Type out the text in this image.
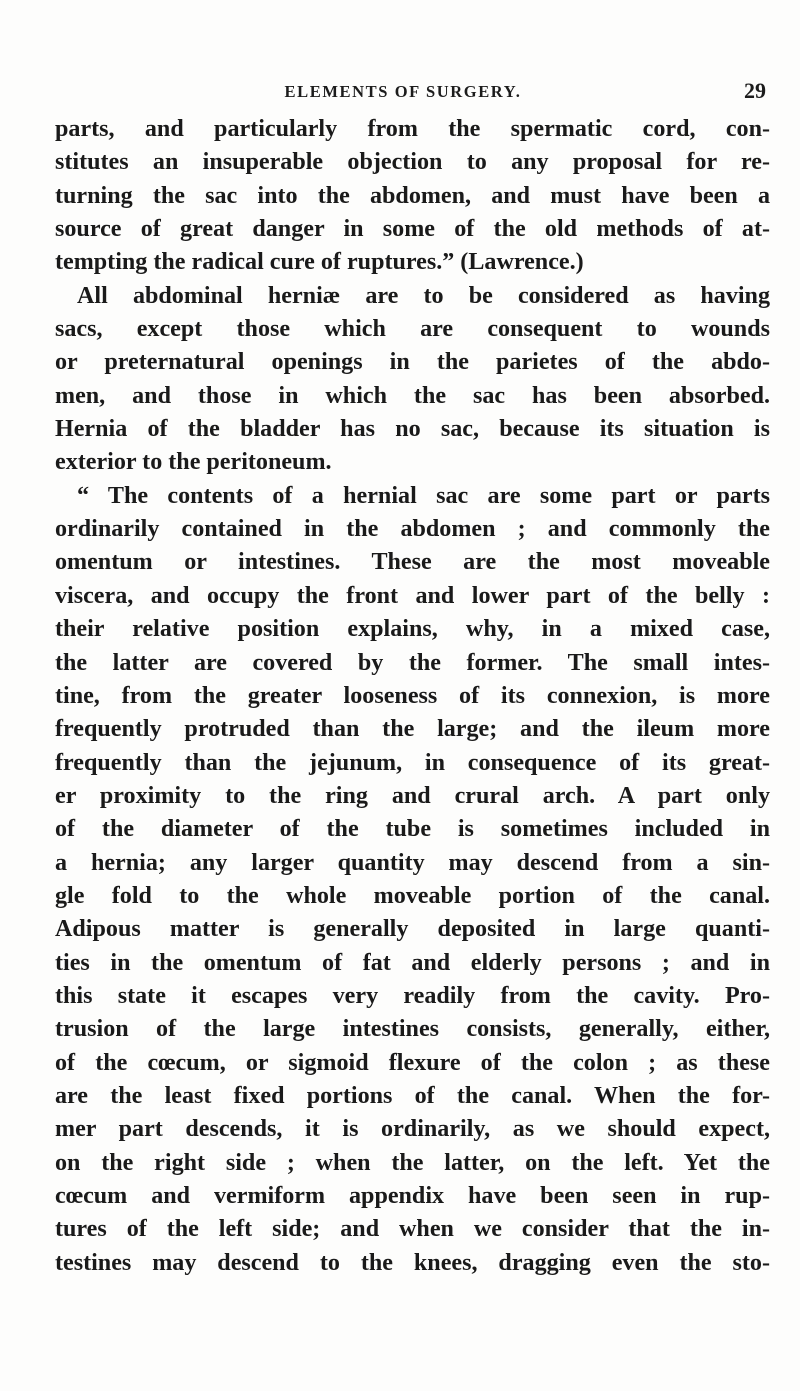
ELEMENTS OF SURGERY.	29
parts, and particularly from the spermatic cord, con-
stitutes an insuperable objection to any proposal for re-
turning the sac into the abdomen, and must have been a
source of great danger in some of the old methods of at-
tempting the radical cure of ruptures.” (Lawrence.)
All abdominal herniæ are to be considered as having
sacs, except those which are consequent to wounds
or preternatural openings in the parietes of the abdo-
men, and those in which the sac has been absorbed.
Hernia of the bladder has no sac, because its situation is
exterior to the peritoneum.
“ The contents of a hernial sac are some part or parts
ordinarily contained in the abdomen ; and commonly the
omentum or intestines. These are the most moveable
viscera, and occupy the front and lower part of the belly :
their relative position explains, why, in a mixed case,
the latter are covered by the former. The small intes-
tine, from the greater looseness of its connexion, is more
frequently protruded than the large; and the ileum more
frequently than the jejunum, in consequence of its great-
er proximity to the ring and crural arch. A part only
of the diameter of the tube is sometimes included in
a hernia; any larger quantity may descend from a sin-
gle fold to the whole moveable portion of the canal.
Adipous matter is generally deposited in large quanti-
ties in the omentum of fat and elderly persons ; and in
this state it escapes very readily from the cavity. Pro-
trusion of the large intestines consists, generally, either,
of the cœcum, or sigmoid flexure of the colon ; as these
are the least fixed portions of the canal. When the for-
mer part descends, it is ordinarily, as we should expect,
on the right side ; when the latter, on the left. Yet the
cœcum and vermiform appendix have been seen in rup-
tures of the left side; and when we consider that the in-
testines may descend to the knees, dragging even the sto-
